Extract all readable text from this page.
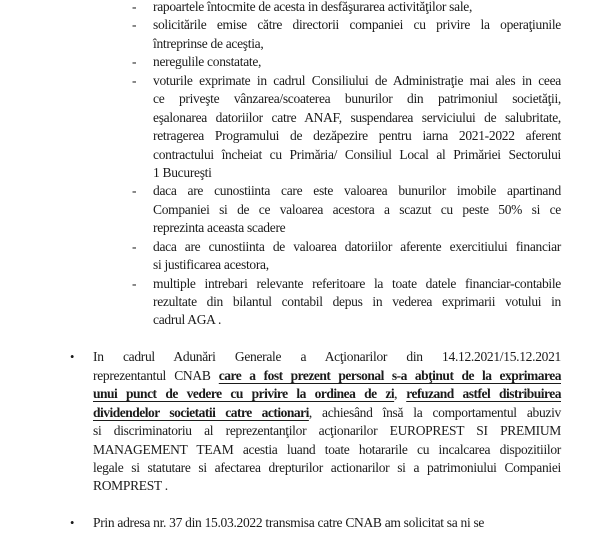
- rapoartele întocmite de acesta in desfăşurarea activităţilor sale,
- solicitările emise către directorii companiei cu privire la operaţiunile
întreprinse de aceştia,
- neregulile constatate,
- voturile exprimate in cadrul Consiliului de Administraţie mai ales in ceea
ce priveşte vânzarea/scoaterea bunurilor din patrimoniul societăţii,
eşalonarea datoriilor catre ANAF, suspendarea serviciului de salubritate,
retragerea Programului de dezăpezire pentru iarna 2021-2022 aferent
contractului încheiat cu Primăria/ Consiliul Local al Primăriei Sectorului
1 Bucureşti
- daca are cunostiinta care este valoarea bunurilor imobile apartinand
Companiei si de ce valoarea acestora a scazut cu peste 50% si ce
reprezinta aceasta scadere
- daca are cunostiinta de valoarea datoriilor aferente exercitiului financiar
si justificarea acestora,
- multiple intrebari relevante referitoare la toate datele financiar-contabile
rezultate din bilantul contabil depus in vederea exprimarii votului in
cadrul AGA .
• In cadrul Adunări Generale a Acţionarilor din 14.12.2021/15.12.2021
reprezentantul CNAB care a fost prezent personal s-a abţinut de la exprimarea
unui punct de vedere cu privire la ordinea de zi, refuzand astfel distribuirea
dividendelor societatii catre actionari, achiesând însă la comportamentul abuziv
si discriminatoriu al reprezentanţilor acţionarilor EUROPREST SI PREMIUM
MANAGEMENT TEAM acestia luand toate hotararile cu incalcarea dispozitiilor
legale si statutare si afectarea drepturilor actionarilor si a patrimoniului Companiei
ROMPREST .
• Prin adresa nr. 37 din 15.03.2022 transmisa catre CNAB am solicitat sa ni se
